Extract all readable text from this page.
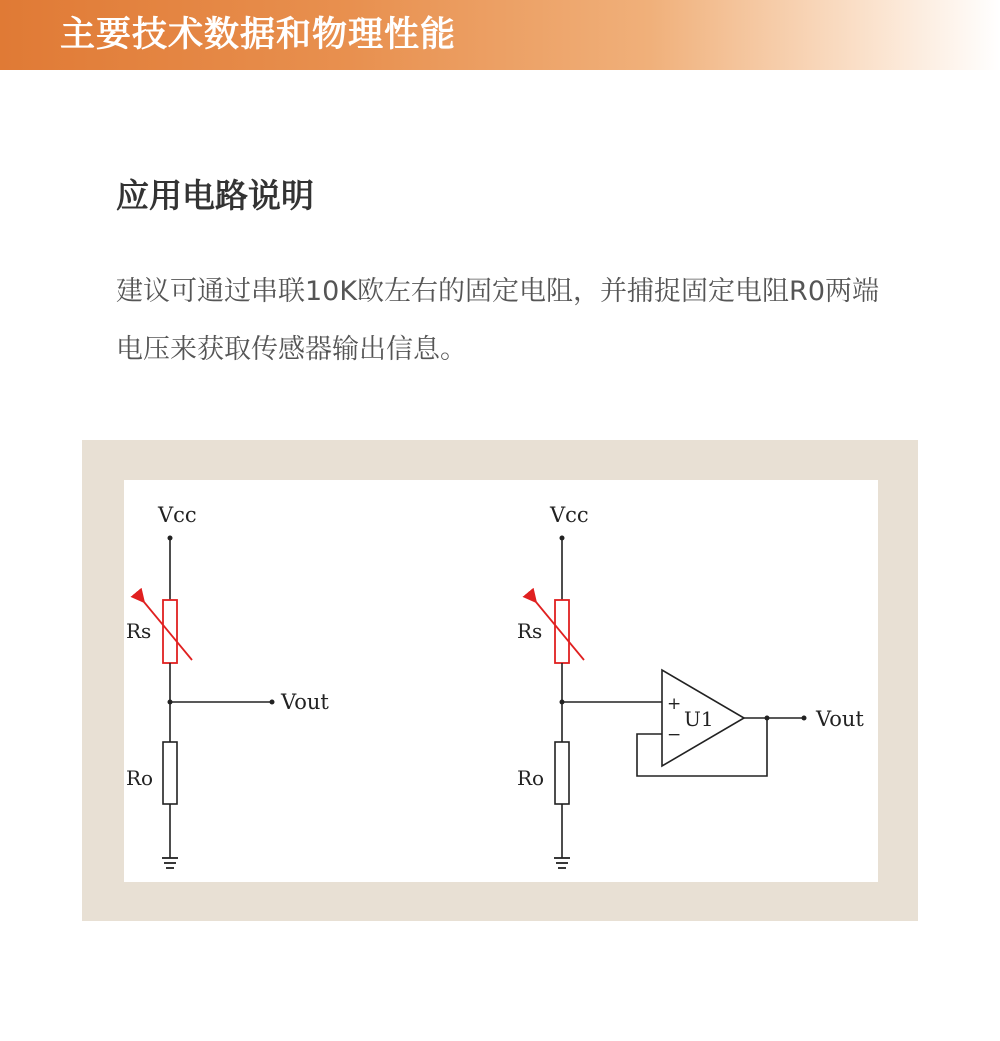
主要技术数据和物理性能
应用电路说明
建议可通过串联10K欧左右的固定电阻，并捕捉固定电阻R0两端电压来获取传感器输出信息。
Vcc
Rs
Vout
Ro
Vcc
Rs
Ro
+
−
U1	Vout
